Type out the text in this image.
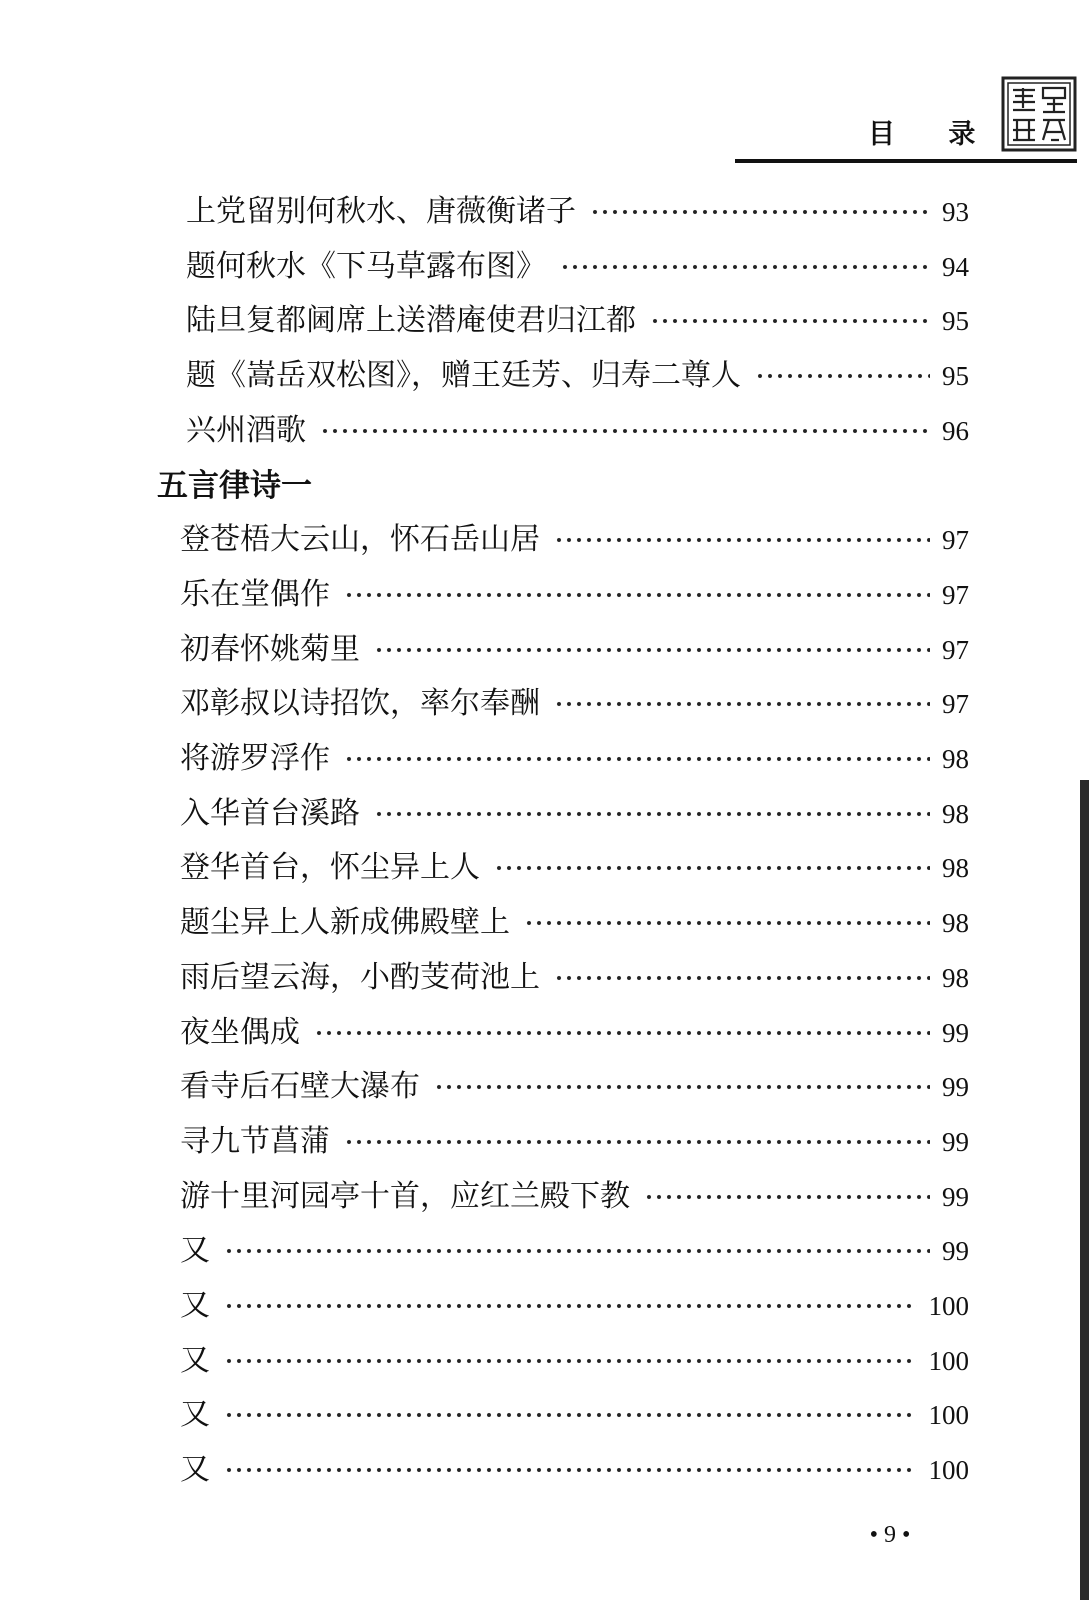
目 录
上党留别何秋水、唐薇衡诸子	93
题何秋水《下马草露布图》	94
陆旦复都阃席上送潜庵使君归江都	95
题《嵩岳双松图》，赠王廷芳、归寿二尊人	95
兴州酒歌	96
五言律诗一
登苍梧大云山，怀石岳山居	97
乐在堂偶作	97
初春怀姚菊里	97
邓彰叔以诗招饮，率尔奉酬	97
将游罗浮作	98
入华首台溪路	98
登华首台，怀尘异上人	98
题尘异上人新成佛殿壁上	98
雨后望云海，小酌芰荷池上	98
夜坐偶成	99
看寺后石壁大瀑布	99
寻九节菖蒲	99
游十里河园亭十首，应红兰殿下教	99
又	99
又	100
又	100
又	100
又	100
• 9 •
